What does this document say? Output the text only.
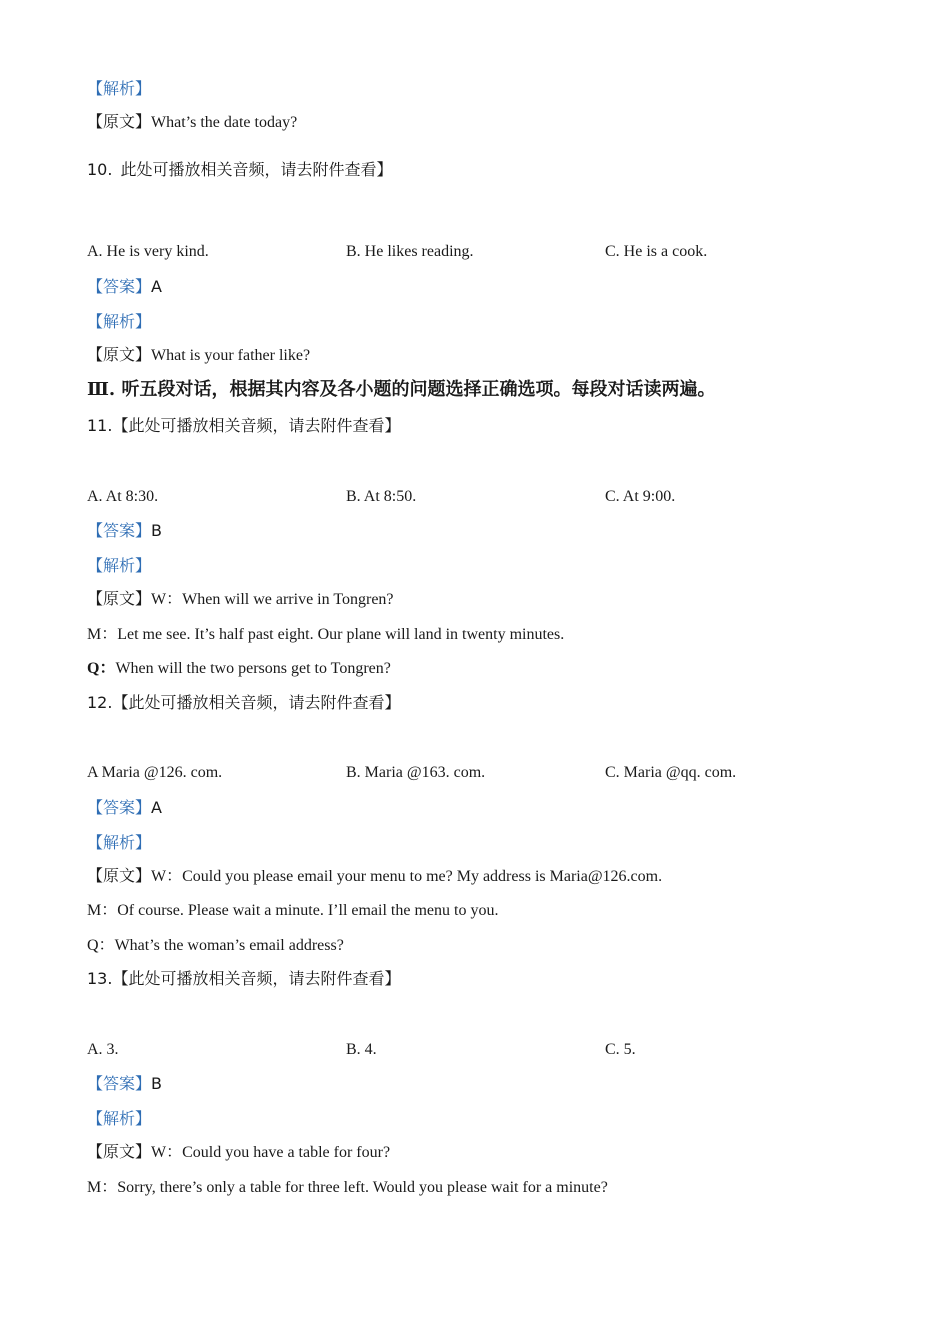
【解析】
【原文】What’s the date today?
10. 此处可播放相关音频，请去附件查看】
A. He is very kind.	B. He likes reading.	C. He is a cook.
【答案】A
【解析】
【原文】What is your father like?
Ⅲ. 听五段对话，根据其内容及各小题的问题选择正确选项。每段对话读两遍。
11.【此处可播放相关音频，请去附件查看】
A. At 8:30.	B. At 8:50.	C. At 9:00.
【答案】B
【解析】
【原文】W：When will we arrive in Tongren?
M：Let me see. It’s half past eight. Our plane will land in twenty minutes.
Q：When will the two persons get to Tongren?
12.【此处可播放相关音频，请去附件查看】
A Maria @126. com.	B. Maria @163. com.	C. Maria @qq. com.
【答案】A
【解析】
【原文】W：Could you please email your menu to me? My address is Maria@126.com.
M：Of course. Please wait a minute. I’ll email the menu to you.
Q：What’s the woman’s email address?
13.【此处可播放相关音频，请去附件查看】
A. 3.	B. 4.	C. 5.
【答案】B
【解析】
【原文】W：Could you have a table for four?
M：Sorry, there’s only a table for three left. Would you please wait for a minute?
